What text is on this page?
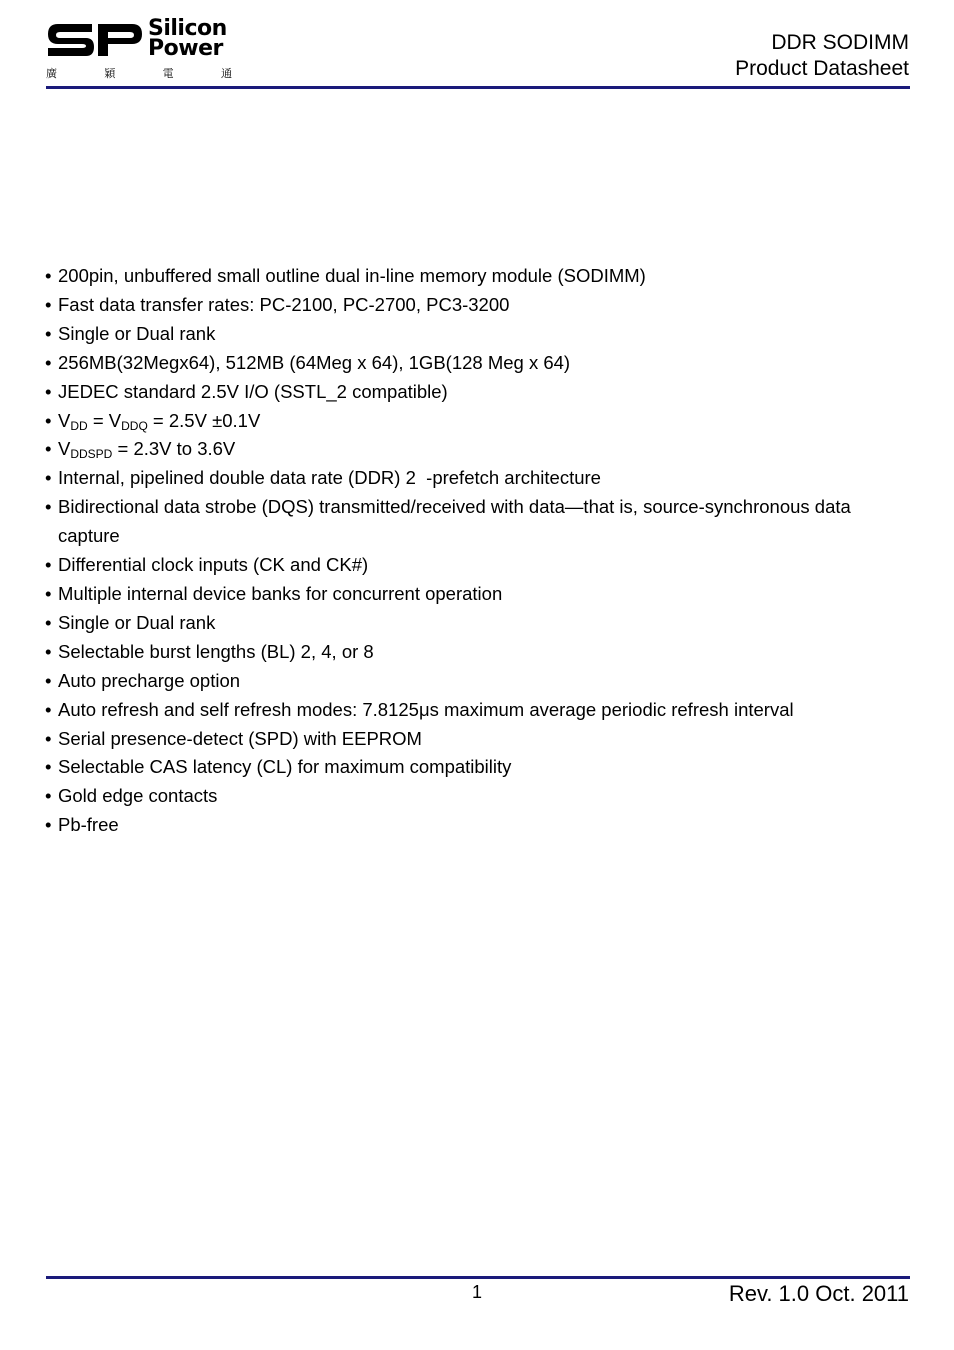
Silicon
Power
廣	穎	電	通
DDR SODIMM
Product Datasheet
• 200pin, unbuffered small outline dual in-line memory module (SODIMM)
• Fast data transfer rates: PC-2100, PC-2700, PC3-3200
• Single or Dual rank
• 256MB(32Megx64), 512MB (64Meg x 64), 1GB(128 Meg x 64)
• JEDEC standard 2.5V I/O (SSTL_2 compatible)
• $V_{DD} = V_{DDQ} = 2.5V \pm 0.1V$
• $V_{DDSPD} = 2.3V$ to 3.6V
• Internal, pipelined double data rate (DDR) 2  -prefetch architecture
• Bidirectional data strobe (DQS) transmitted/received with data—that is, source-synchronous data capture
• Differential clock inputs (CK and CK#)
• Multiple internal device banks for concurrent operation
• Single or Dual rank
• Selectable burst lengths (BL) 2, 4, or 8
• Auto precharge option
• Auto refresh and self refresh modes: 7.8125μs maximum average periodic refresh interval
• Serial presence-detect (SPD) with EEPROM
• Selectable CAS latency (CL) for maximum compatibility
• Gold edge contacts
• Pb-free
1	Rev. 1.0 Oct. 2011
